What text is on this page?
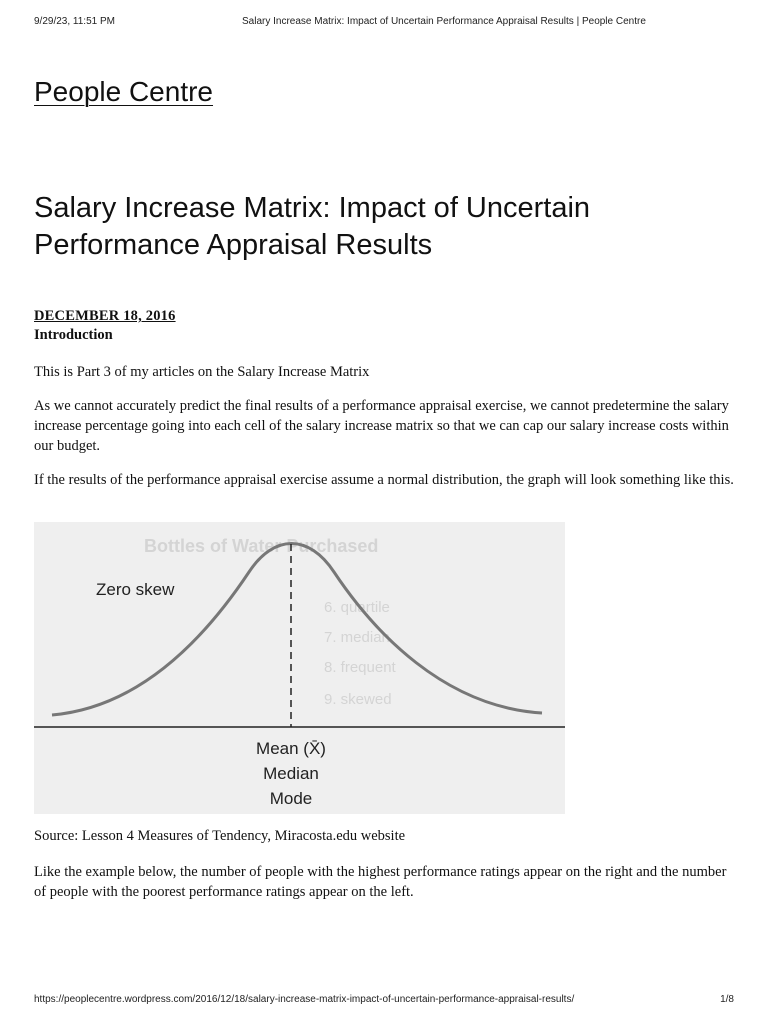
9/29/23, 11:51 PM	Salary Increase Matrix: Impact of Uncertain Performance Appraisal Results | People Centre
People Centre
Salary Increase Matrix: Impact of Uncertain Performance Appraisal Results
DECEMBER 18, 2016
Introduction

This is Part 3 of my articles on the Salary Increase Matrix

As we cannot accurately predict the final results of a performance appraisal exercise, we cannot predetermine the salary increase percentage going into each cell of the salary increase matrix so that we can cap our salary increase costs within our budget.

If the results of the performance appraisal exercise assume a normal distribution, the graph will look something like this.

Bottles of Water Purchased
6. quartile
7. median
8. frequent
9. skewed
Zero skew
Mean (X̄)
Median
Mode

Source: Lesson 4 Measures of Tendency, Miracosta.edu website

Like the example below, the number of people with the highest performance ratings appear on the right and the number of people with the poorest performance ratings appear on the left.

https://peoplecentre.wordpress.com/2016/12/18/salary-increase-matrix-impact-of-uncertain-performance-appraisal-results/	1/8
